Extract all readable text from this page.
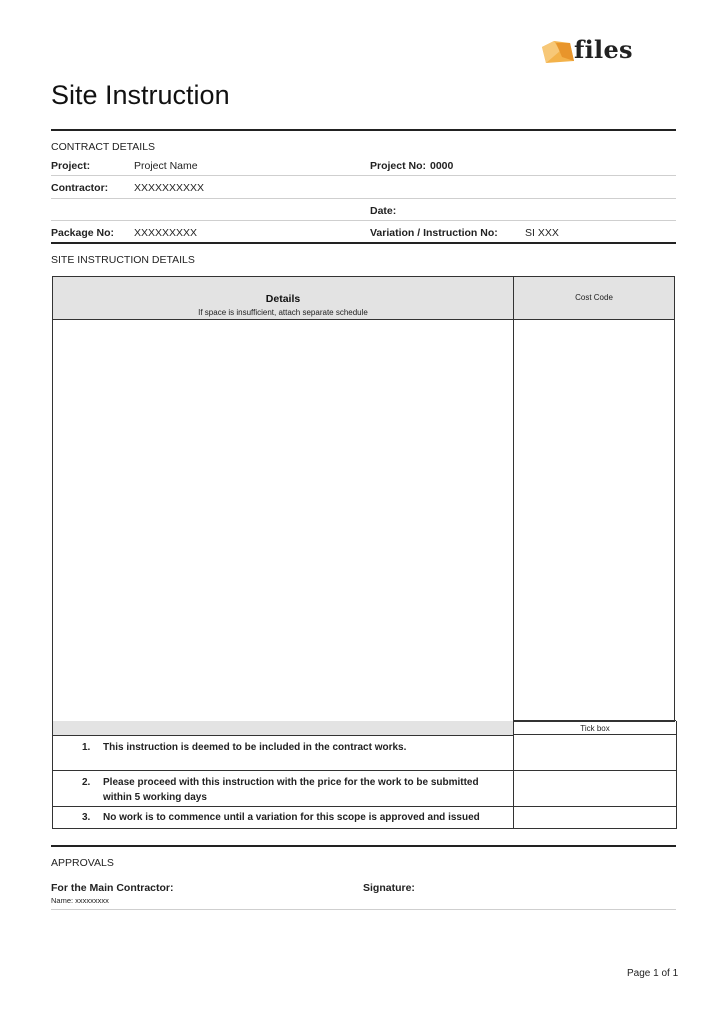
files
Site Instruction
CONTRACT DETAILS
Project:	Project Name	Project No: 0000
Contractor: XXXXXXXXXX
Date:
Package No: XXXXXXXXX	Variation / Instruction No:	SI XXX
SITE INSTRUCTION DETAILS
Details
If space is insufficient, attach separate schedule
Cost Code
Tick box
1. This instruction is deemed to be included in the contract works.
2. Please proceed with this instruction with the price for the work to be submitted
within 5 working days
3. No work is to commence until a variation for this scope is approved and issued
APPROVALS
For the Main Contractor:	Signature:
Name: xxxxxxxxx
Page 1 of 1
